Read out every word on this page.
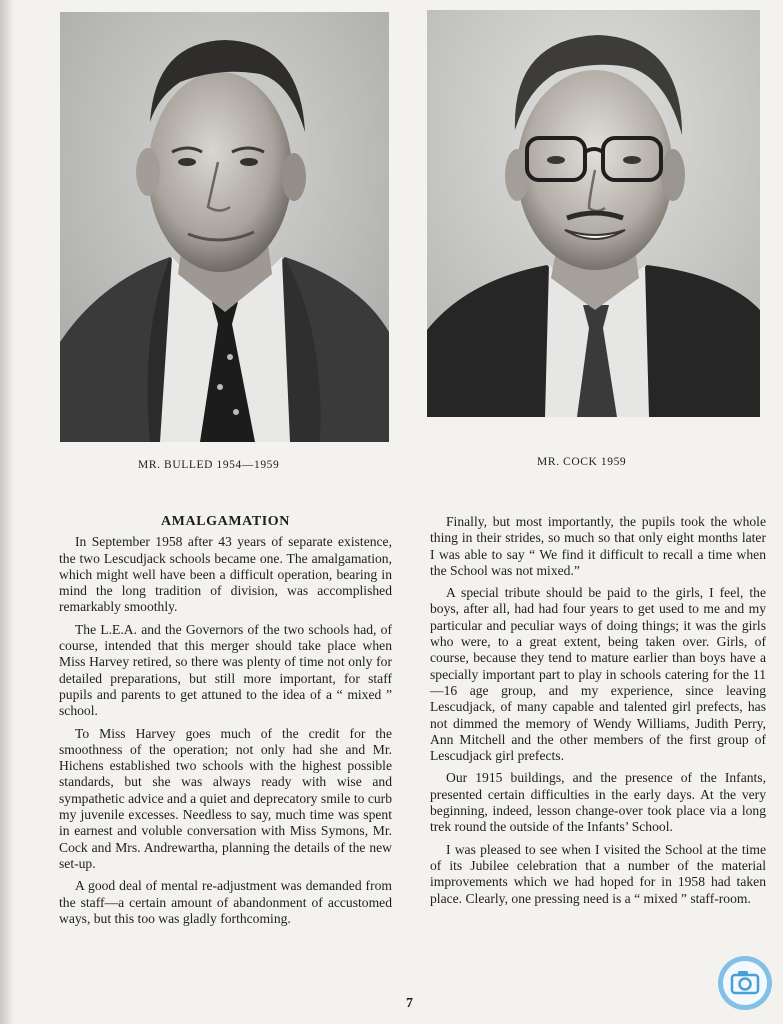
MR. BULLED 1954—1959	MR. COCK 1959
AMALGAMATION

In September 1958 after 43 years of separate existence, the two Lescudjack schools became one. The amalgamation, which might well have been a difficult operation, bearing in mind the long tradition of division, was accomplished remarkably smoothly.

The L.E.A. and the Governors of the two schools had, of course, intended that this merger should take place when Miss Harvey retired, so there was plenty of time not only for detailed preparations, but still more important, for staff pupils and parents to get attuned to the idea of a “ mixed ” school.

To Miss Harvey goes much of the credit for the smoothness of the operation; not only had she and Mr. Hichens established two schools with the highest possible standards, but she was always ready with wise and sympathetic advice and a quiet and deprecatory smile to curb my juvenile excesses. Needless to say, much time was spent in earnest and voluble conversation with Miss Symons, Mr. Cock and Mrs. Andrewartha, planning the details of the new set-up.

A good deal of mental re-adjustment was demanded from the staff—a certain amount of abandonment of accustomed ways, but this too was gladly forthcoming.

Finally, but most importantly, the pupils took the whole thing in their strides, so much so that only eight months later I was able to say “ We find it difficult to recall a time when the School was not mixed.”

A special tribute should be paid to the girls, I feel, the boys, after all, had had four years to get used to me and my particular and peculiar ways of doing things; it was the girls who were, to a great extent, being taken over. Girls, of course, because they tend to mature earlier than boys have a specially important part to play in schools catering for the 11—16 age group, and my experience, since leaving Lescudjack, of many capable and talented girl prefects, has not dimmed the memory of Wendy Williams, Judith Perry, Ann Mitchell and the other members of the first group of Lescudjack girl prefects.

Our 1915 buildings, and the presence of the Infants, presented certain difficulties in the early days. At the very beginning, indeed, lesson change-over took place via a long trek round the outside of the Infants’ School.

I was pleased to see when I visited the School at the time of its Jubilee celebration that a number of the material improvements which we had hoped for in 1958 had taken place. Clearly, one pressing need is a “ mixed ” staff-room.

7
